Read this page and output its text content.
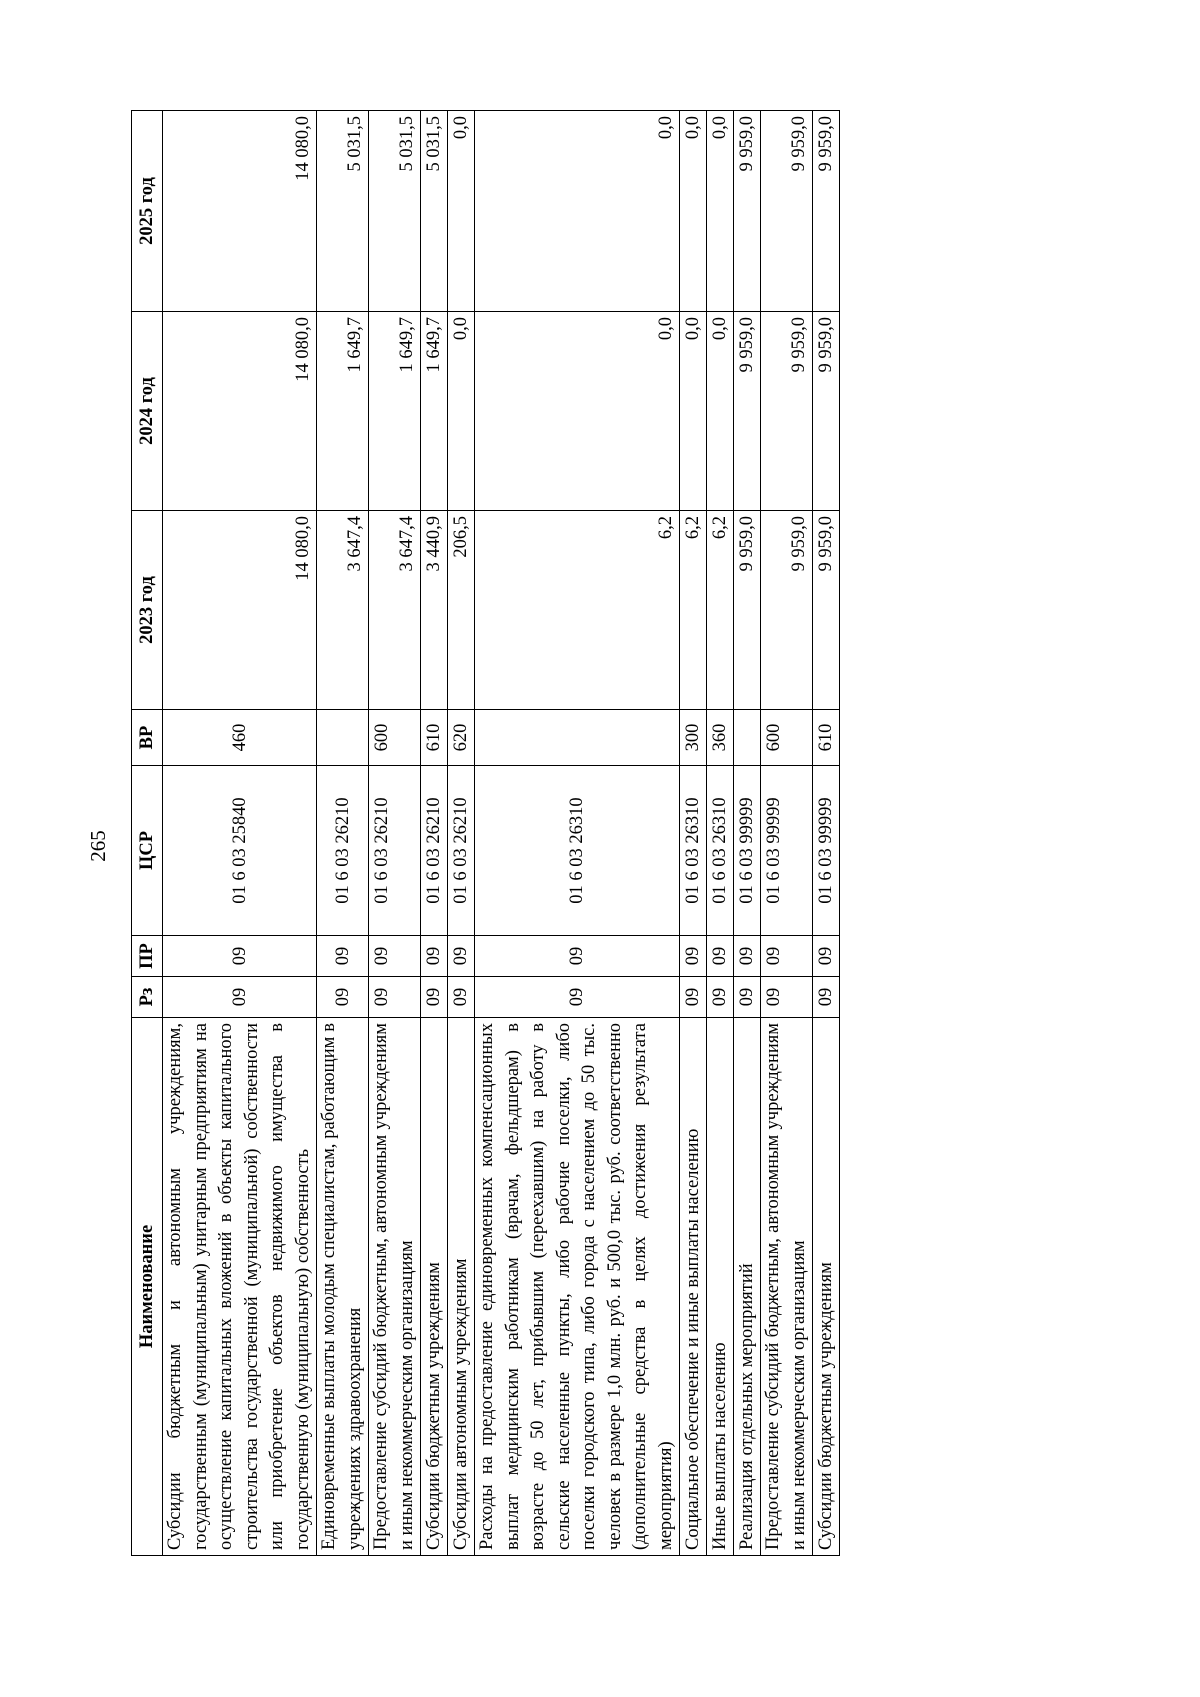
265
Наименование	Рз	ПР	ЦСР	ВР	2023 год	2024 год	2025 год
Субсидии бюджетным и автономным учреждениям, государственным (муниципальным) унитарным предприятиям на осуществление капитальных вложений в объекты капитального строительства государственной (муниципальной) собственности или приобретение объектов недвижимого имущества в государственную (муниципальную) собственность	09	09	01 6 03 25840	460	14 080,0	14 080,0	14 080,0
Единовременные выплаты молодым специалистам, работающим в учреждениях здравоохранения	09	09	01 6 03 26210		3 647,4	1 649,7	5 031,5
Предоставление субсидий бюджетным, автономным учреждениям и иным некоммерческим организациям	09	09	01 6 03 26210	600	3 647,4	1 649,7	5 031,5
Субсидии бюджетным учреждениям	09	09	01 6 03 26210	610	3 440,9	1 649,7	5 031,5
Субсидии автономным учреждениям	09	09	01 6 03 26210	620	206,5	0,0	0,0
Расходы на предоставление единовременных компенсационных выплат медицинским работникам (врачам, фельдшерам) в возрасте до 50 лет, прибывшим (переехавшим) на работу в сельские населенные пункты, либо рабочие поселки, либо поселки городского типа, либо города с населением до 50 тыс. человек в размере 1,0 млн. руб. и 500,0 тыс. руб. соответственно (дополнительные средства в целях достижения результата мероприятия)	09	09	01 6 03 26310		6,2	0,0	0,0
Социальное обеспечение и иные выплаты населению	09	09	01 6 03 26310	300	6,2	0,0	0,0
Иные выплаты населению	09	09	01 6 03 26310	360	6,2	0,0	0,0
Реализация отдельных мероприятий	09	09	01 6 03 99999		9 959,0	9 959,0	9 959,0
Предоставление субсидий бюджетным, автономным учреждениям и иным некоммерческим организациям	09	09	01 6 03 99999	600	9 959,0	9 959,0	9 959,0
Субсидии бюджетным учреждениям	09	09	01 6 03 99999	610	9 959,0	9 959,0	9 959,0
